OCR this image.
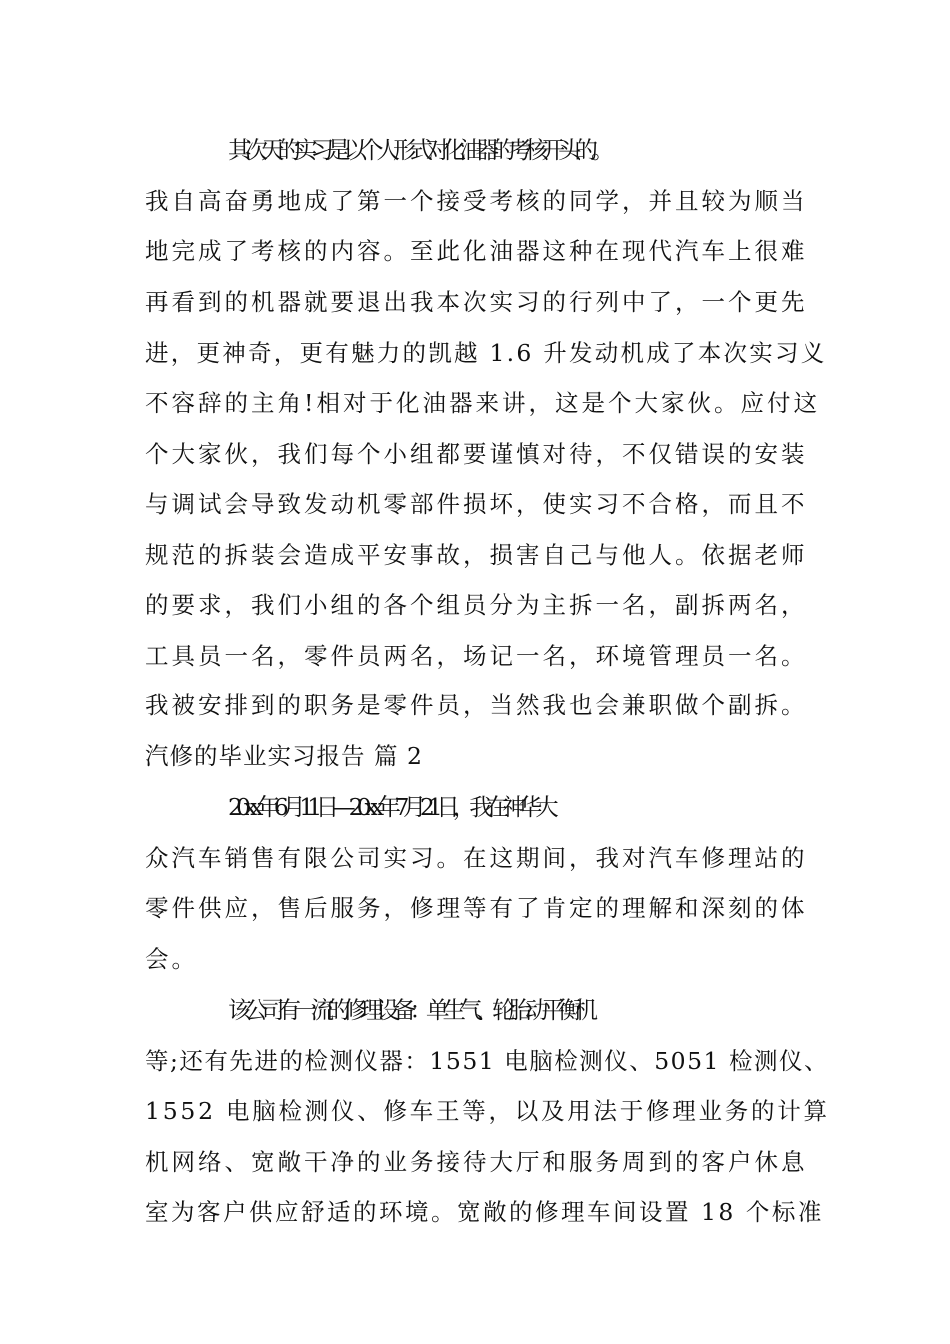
其次天的实习是以个人形式对化油器的考核开头的。
我自高奋勇地成了第一个接受考核的同学，并且较为顺当
地完成了考核的内容。至此化油器这种在现代汽车上很难
再看到的机器就要退出我本次实习的行列中了，一个更先
进，更神奇，更有魅力的凯越 1.6 升发动机成了本次实习义
不容辞的主角!相对于化油器来讲，这是个大家伙。应付这
个大家伙，我们每个小组都要谨慎对待，不仅错误的安装
与调试会导致发动机零部件损坏，使实习不合格，而且不
规范的拆装会造成平安事故，损害自己与他人。依据老师
的要求，我们小组的各个组员分为主拆一名，副拆两名，
工具员一名，零件员两名，场记一名，环境管理员一名。
我被安排到的职务是零件员，当然我也会兼职做个副拆。
汽修的毕业实习报告 篇 2
20xx 年 6 月 11 日—20xx 年 7 月 21 日，我在神华大
众汽车销售有限公司实习。在这期间，我对汽车修理站的
零件供应，售后服务，修理等有了肯定的理解和深刻的体
会。
该公司有一流的修理设备：单生气、轮胎动平衡机
等;还有先进的检测仪器：1551 电脑检测仪、5051 检测仪、
1552 电脑检测仪、修车王等，以及用法于修理业务的计算
机网络、宽敞干净的业务接待大厅和服务周到的客户休息
室为客户供应舒适的环境。宽敞的修理车间设置 18 个标准
